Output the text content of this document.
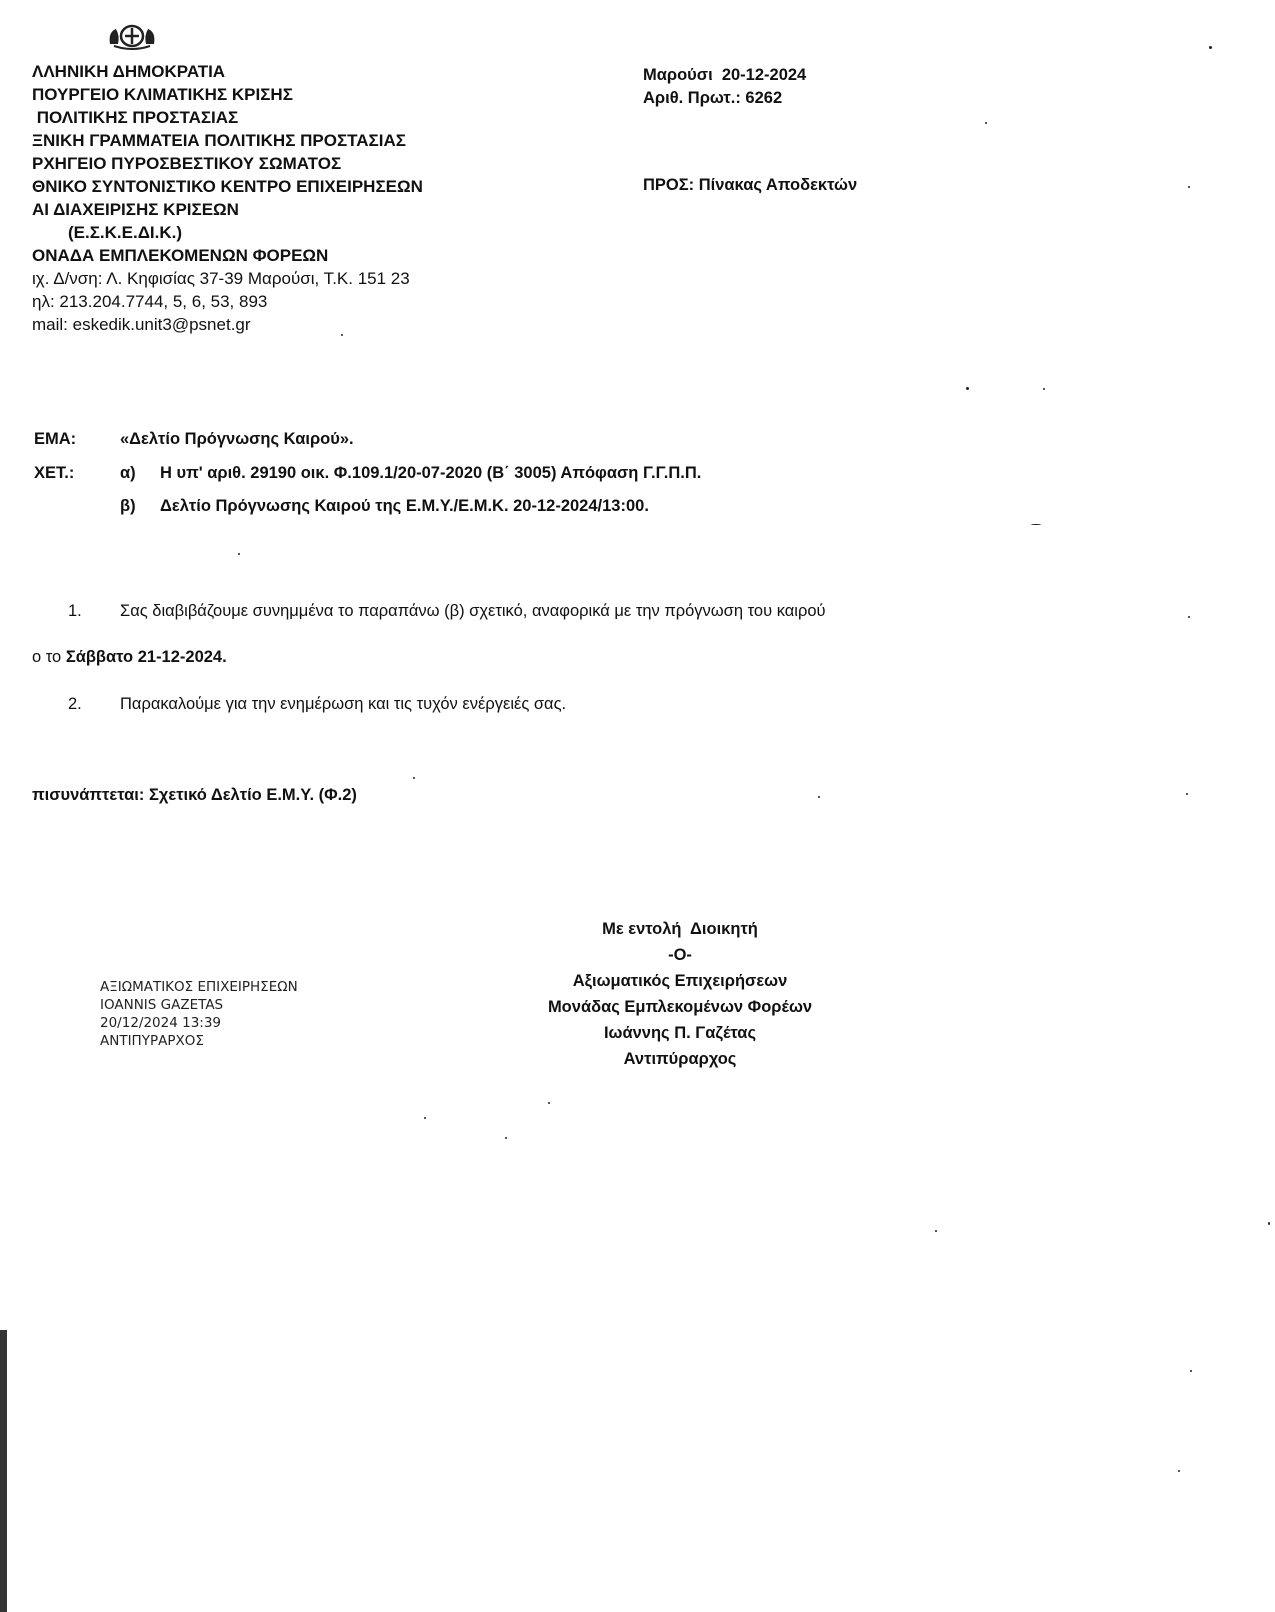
ΛΛΗΝΙΚΗ ΔΗΜΟΚΡΑΤΙΑ
ΠΟΥΡΓΕΙΟ ΚΛΙΜΑΤΙΚΗΣ ΚΡΙΣΗΣ
ΠΟΛΙΤΙΚΗΣ ΠΡΟΣΤΑΣΙΑΣ
ΞΝΙΚΗ ΓΡΑΜΜΑΤΕΙΑ ΠΟΛΙΤΙΚΗΣ ΠΡΟΣΤΑΣΙΑΣ
ΡΧΗΓΕΙΟ ΠΥΡΟΣΒΕΣΤΙΚΟΥ ΣΩΜΑΤΟΣ
ΘΝΙΚΟ ΣΥΝΤΟΝΙΣΤΙΚΟ ΚΕΝΤΡΟ ΕΠΙΧΕΙΡΗΣΕΩΝ
ΑΙ ΔΙΑΧΕΙΡΙΣΗΣ ΚΡΙΣΕΩΝ
(Ε.Σ.Κ.Ε.ΔΙ.Κ.)
ΟΝΑΔΑ ΕΜΠΛΕΚΟΜΕΝΩΝ ΦΟΡΕΩΝ
ιχ. Δ/νση: Λ. Κηφισίας 37-39 Μαρούσι, Τ.Κ. 151 23
ηλ: 213.204.7744, 5, 6, 53, 893
mail: eskedik.unit3@psnet.gr
Μαρούσι  20-12-2024
Αριθ. Πρωτ.: 6262
ΠΡΟΣ: Πίνακας Αποδεκτών
ΕΜΑ:	«Δελτίο Πρόγνωσης Καιρού».
ΧΕΤ.:	α) Η υπ' αριθ. 29190 οικ. Φ.109.1/20-07-2020 (Β΄ 3005) Απόφαση Γ.Γ.Π.Π.
β) Δελτίο Πρόγνωσης Καιρού της Ε.Μ.Υ./Ε.Μ.Κ. 20-12-2024/13:00.
1. Σας διαβιβάζουμε συνημμένα το παραπάνω (β) σχετικό, αναφορικά με την πρόγνωση του καιρού
ο το Σάββατο 21-12-2024.
2. Παρακαλούμε για την ενημέρωση και τις τυχόν ενέργειές σας.
πισυνάπτεται: Σχετικό Δελτίο Ε.Μ.Υ. (Φ.2)
Με εντολή  Διοικητή
-Ο-
Αξιωματικός Επιχειρήσεων
Μονάδας Εμπλεκομένων Φορέων
Ιωάννης Π. Γαζέτας
Αντιπύραρχος
ΑΞΙΩΜΑΤΙΚΟΣ ΕΠΙΧΕΙΡΗΣΕΩΝ
IOANNIS GAZETAS
20/12/2024 13:39
ΑΝΤΙΠΥΡΑΡΧΟΣ
